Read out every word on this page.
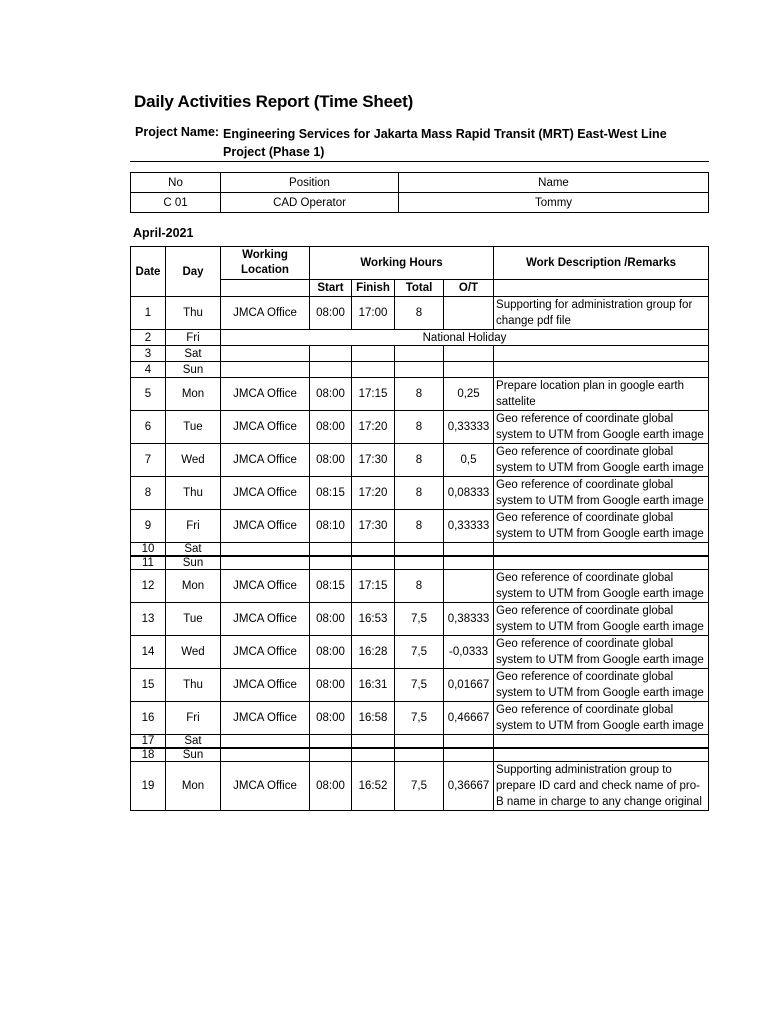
Daily Activities Report (Time Sheet)
Project Name: Engineering Services for Jakarta Mass Rapid Transit (MRT) East-West Line Project (Phase 1)
No	Position	Name
C 01	CAD Operator	Tommy
April-2021
Date	Day	Working Location	Working Hours				Work Description /Remarks
			Start	Finish	Total	O/T	
1	Thu	JMCA Office	08:00	17:00	8		Supporting for administration group for change pdf file
2	Fri	National Holiday					
3	Sat						
4	Sun						
5	Mon	JMCA Office	08:00	17:15	8	0,25	Prepare location plan in google earth sattelite
6	Tue	JMCA Office	08:00	17:20	8	0,33333	Geo reference of coordinate global system to UTM from Google earth image
7	Wed	JMCA Office	08:00	17:30	8	0,5	Geo reference of coordinate global system to UTM from Google earth image
8	Thu	JMCA Office	08:15	17:20	8	0,08333	Geo reference of coordinate global system to UTM from Google earth image
9	Fri	JMCA Office	08:10	17:30	8	0,33333	Geo reference of coordinate global system to UTM from Google earth image
10	Sat						
11	Sun						
12	Mon	JMCA Office	08:15	17:15	8		Geo reference of coordinate global system to UTM from Google earth image
13	Tue	JMCA Office	08:00	16:53	7,5	0,38333	Geo reference of coordinate global system to UTM from Google earth image
14	Wed	JMCA Office	08:00	16:28	7,5	-0,0333	Geo reference of coordinate global system to UTM from Google earth image
15	Thu	JMCA Office	08:00	16:31	7,5	0,01667	Geo reference of coordinate global system to UTM from Google earth image
16	Fri	JMCA Office	08:00	16:58	7,5	0,46667	Geo reference of coordinate global system to UTM from Google earth image
17	Sat						
18	Sun						
19	Mon	JMCA Office	08:00	16:52	7,5	0,36667	Supporting administration group to prepare ID card and check name of pro-B name in charge to any change original
